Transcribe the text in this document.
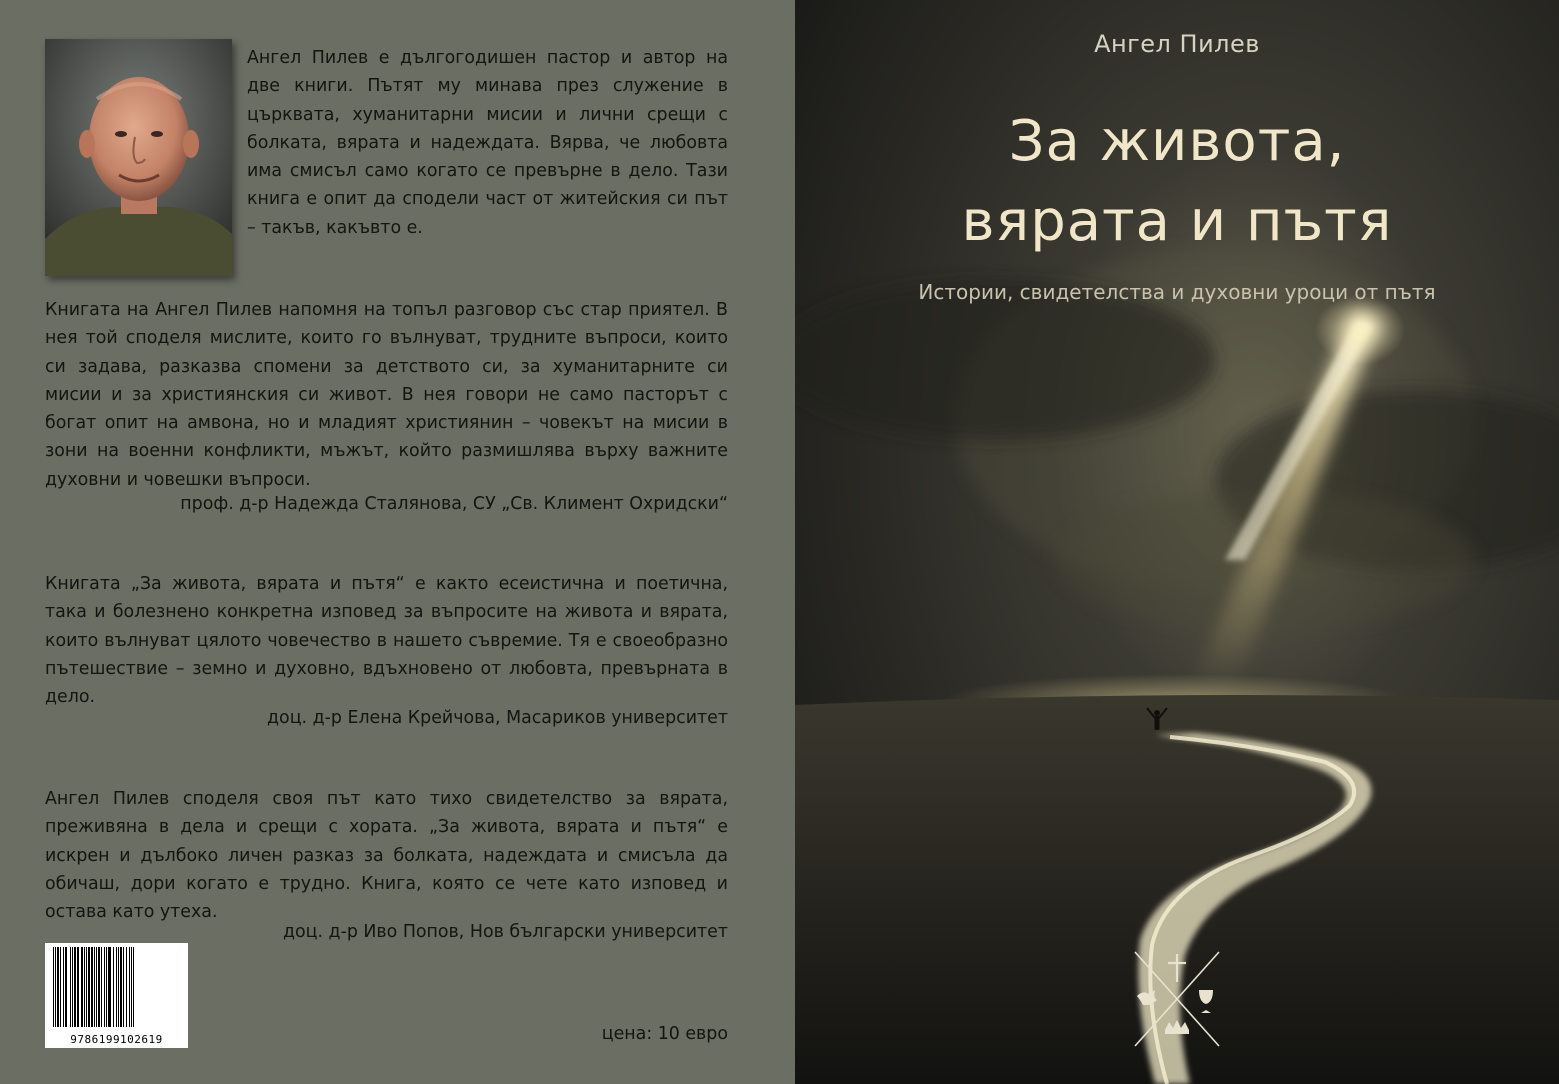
Ангел Пилев е дългогодишен пастор и автор на две книги. Пътят му минава през служение в църквата, хуманитарни мисии и лични срещи с болката, вярата и надеждата. Вярва, че любовта има смисъл само когато се превърне в дело. Тази книга е опит да сподели част от житейския си път – такъв, какъвто е.

Книгата на Ангел Пилев напомня на топъл разговор със стар приятел. В нея той споделя мислите, които го вълнуват, трудните въпроси, които си задава, разказва спомени за детството си, за хуманитарните си мисии и за християнския си живот. В нея говори не само пасторът с богат опит на амвона, но и младият християнин – човекът на мисии в зони на военни конфликти, мъжът, който размишлява върху важните духовни и човешки въпроси.

проф. д-р Надежда Сталянова, СУ „Св. Климент Охридски“

Книгата „За живота, вярата и пътя“ е както есеистична и поетична, така и болезнено конкретна изповед за въпросите на живота и вярата, които вълнуват цялото човечество в нашето съвремие. Тя е своеобразно пътешествие – земно и духовно, вдъхновено от любовта, превърната в дело.

доц. д-р Елена Крейчова, Масариков университет

Ангел Пилев споделя своя път като тихо свидетелство за вярата, преживяна в дела и срещи с хората. „За живота, вярата и пътя“ е искрен и дълбоко личен разказ за болката, надеждата и смисъла да обичаш, дори когато е трудно. Книга, която се чете като изповед и остава като утеха.

доц. д-р Иво Попов, Нов български университет

9786199102619	цена: 10 евро
Ангел Пилев
За живота,
вярата и пътя
Истории, свидетелства и духовни уроци от пътя
